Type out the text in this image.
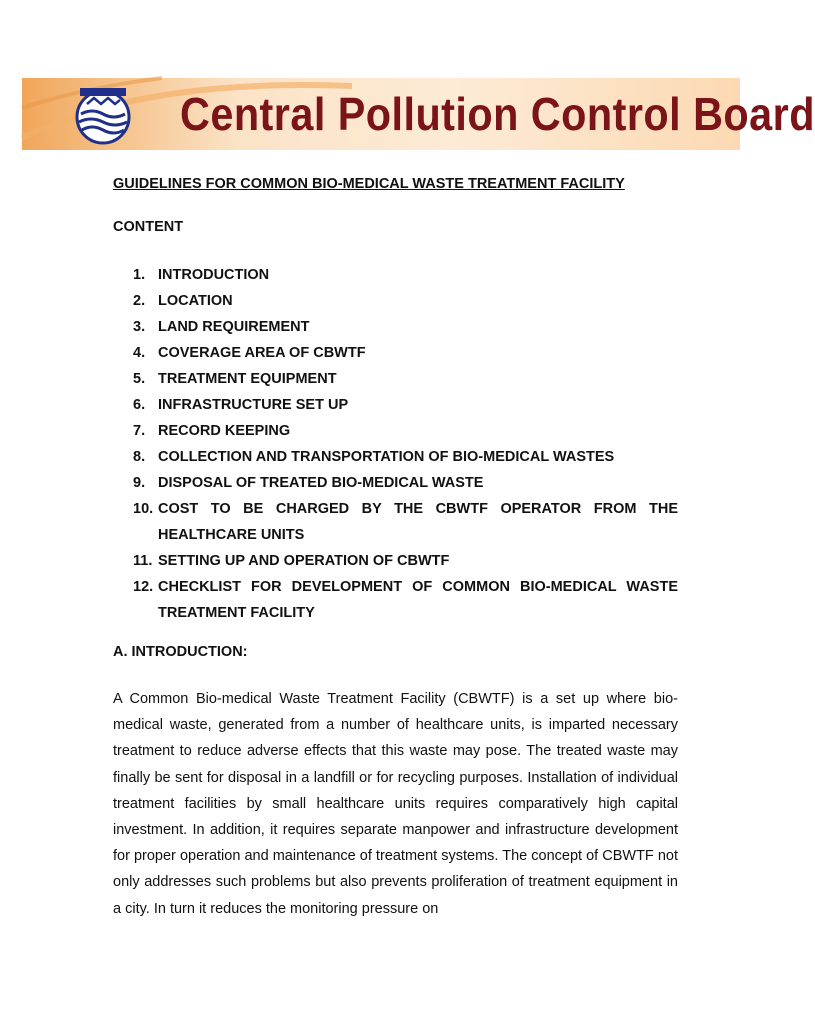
Central Pollution Control Board
GUIDELINES FOR COMMON BIO-MEDICAL WASTE TREATMENT FACILITY
CONTENT
1. INTRODUCTION
2. LOCATION
3. LAND REQUIREMENT
4. COVERAGE AREA OF CBWTF
5. TREATMENT EQUIPMENT
6. INFRASTRUCTURE SET UP
7. RECORD KEEPING
8. COLLECTION AND TRANSPORTATION OF BIO-MEDICAL WASTES
9. DISPOSAL OF TREATED BIO-MEDICAL WASTE
10. COST TO BE CHARGED BY THE CBWTF OPERATOR FROM THE HEALTHCARE UNITS
11. SETTING UP AND OPERATION OF CBWTF
12. CHECKLIST FOR DEVELOPMENT OF COMMON BIO-MEDICAL WASTE TREATMENT FACILITY
A. INTRODUCTION:
A Common Bio-medical Waste Treatment Facility (CBWTF) is a set up where bio-medical waste, generated from a number of healthcare units, is imparted necessary treatment to reduce adverse effects that this waste may pose. The treated waste may finally be sent for disposal in a landfill or for recycling purposes. Installation of individual treatment facilities by small healthcare units requires comparatively high capital investment. In addition, it requires separate manpower and infrastructure development for proper operation and maintenance of treatment systems. The concept of CBWTF not only addresses such problems but also prevents proliferation of treatment equipment in a city. In turn it reduces the monitoring pressure on
